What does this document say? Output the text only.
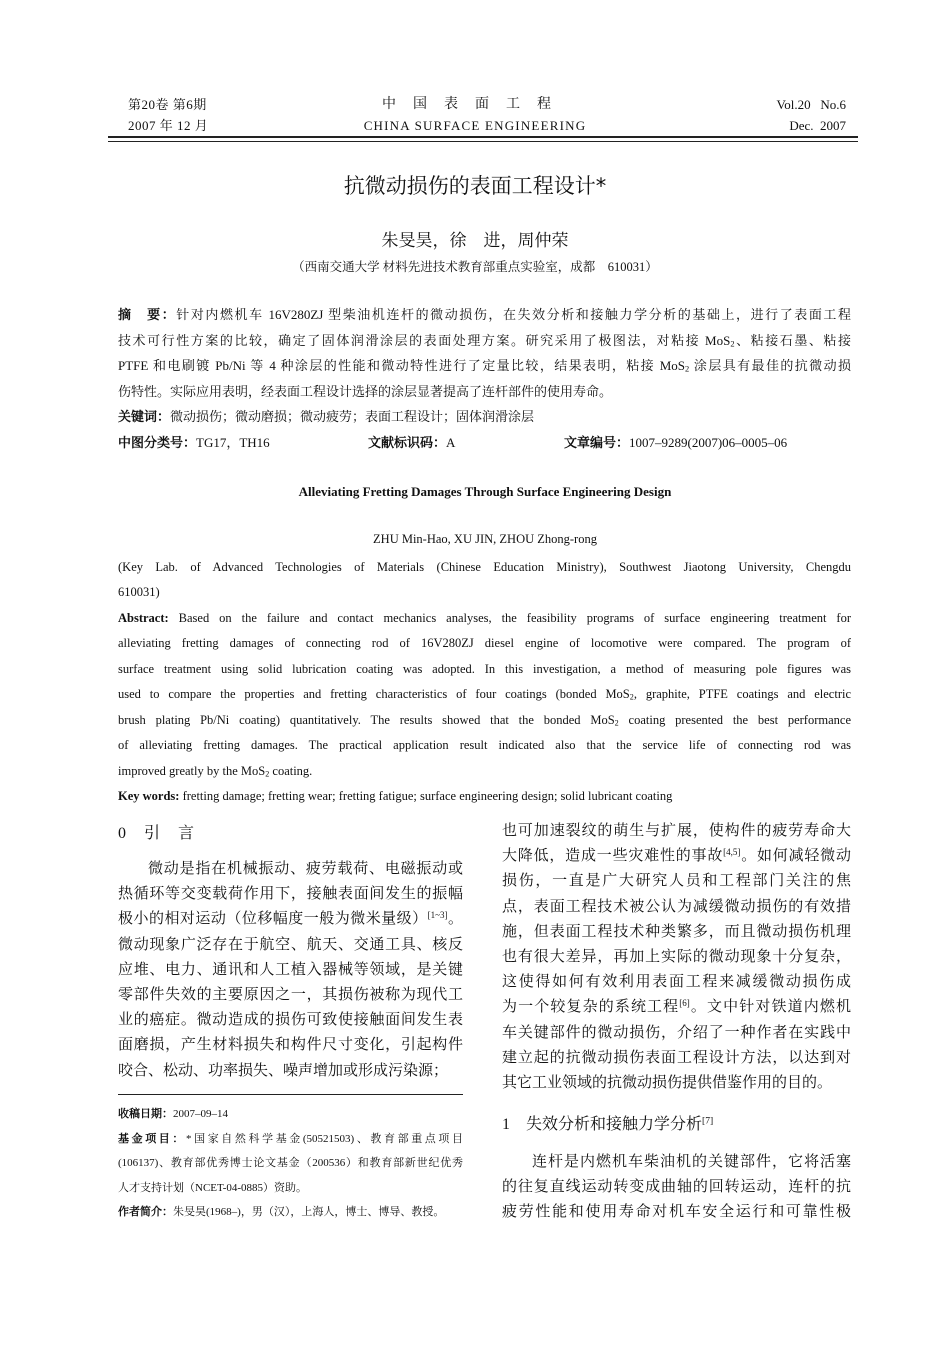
第20卷 第6期
2007 年 12 月
中国表面工程
CHINA SURFACE ENGINEERING
Vol.20   No.6
Dec.  2007
抗微动损伤的表面工程设计*
朱旻昊，徐　进，周仲荣
（西南交通大学 材料先进技术教育部重点实验室，成都　610031）
摘　要：针对内燃机车 16V280ZJ 型柴油机连杆的微动损伤，在失效分析和接触力学分析的基础上，进行了表面工程
技术可行性方案的比较，确定了固体润滑涂层的表面处理方案。研究采用了极图法，对粘接 MoS$_2$、粘接石墨、粘接
PTFE 和电刷镀 Pb/Ni 等 4 种涂层的性能和微动特性进行了定量比较，结果表明，粘接 MoS$_2$ 涂层具有最佳的抗微动损
伤特性。实际应用表明，经表面工程设计选择的涂层显著提高了连杆部件的使用寿命。
关键词：微动损伤；微动磨损；微动疲劳；表面工程设计；固体润滑涂层
中图分类号：TG17，TH16	文献标识码：A	文章编号：1007–9289(2007)06–0005–06
Alleviating Fretting Damages Through Surface Engineering Design
ZHU Min-Hao, XU JIN, ZHOU Zhong-rong
(Key Lab. of Advanced Technologies of Materials (Chinese Education Ministry), Southwest Jiaotong University, Chengdu
610031)
Abstract: Based on the failure and contact mechanics analyses, the feasibility programs of surface engineering treatment for
alleviating fretting damages of connecting rod of 16V280ZJ diesel engine of locomotive were compared. The program of
surface treatment using solid lubrication coating was adopted. In this investigation, a method of measuring pole figures was
used to compare the properties and fretting characteristics of four coatings (bonded MoS$_2$, graphite, PTFE coatings and electric
brush plating Pb/Ni coating) quantitatively. The results showed that the bonded MoS$_2$ coating presented the best performance
of alleviating fretting damages. The practical application result indicated also that the service life of connecting rod was
improved greatly by the MoS$_2$ coating.
Key words: fretting damage; fretting wear; fretting fatigue; surface engineering design; solid lubricant coating
0 引言
微动是指在机械振动、疲劳载荷、电磁振动或
热循环等交变载荷作用下，接触表面间发生的振幅
极小的相对运动（位移幅度一般为微米量级）[1~3]。
微动现象广泛存在于航空、航天、交通工具、核反
应堆、电力、通讯和人工植入器械等领域，是关键
零部件失效的主要原因之一，其损伤被称为现代工
业的癌症。微动造成的损伤可致使接触面间发生表
面磨损，产生材料损失和构件尺寸变化，引起构件
咬合、松动、功率损失、噪声增加或形成污染源；
收稿日期：2007–09–14
基金项目：*国家自然科学基金(50521503)、教育部重点项目
(106137)、教育部优秀博士论文基金（200536）和教育部新世纪优秀
人才支持计划（NCET-04-0885）资助。
作者简介：朱旻昊(1968–)，男（汉），上海人，博士、博导、教授。
也可加速裂纹的萌生与扩展，使构件的疲劳寿命大
大降低，造成一些灾难性的事故[4,5]。如何减轻微动
损伤，一直是广大研究人员和工程部门关注的焦
点，表面工程技术被公认为减缓微动损伤的有效措
施，但表面工程技术种类繁多，而且微动损伤机理
也有很大差异，再加上实际的微动现象十分复杂，
这使得如何有效利用表面工程来减缓微动损伤成
为一个较复杂的系统工程[6]。文中针对铁道内燃机
车关键部件的微动损伤，介绍了一种作者在实践中
建立起的抗微动损伤表面工程设计方法，以达到对
其它工业领域的抗微动损伤提供借鉴作用的目的。
1 失效分析和接触力学分析[7]
连杆是内燃机车柴油机的关键部件，它将活塞
的往复直线运动转变成曲轴的回转运动，连杆的抗
疲劳性能和使用寿命对机车安全运行和可靠性极
